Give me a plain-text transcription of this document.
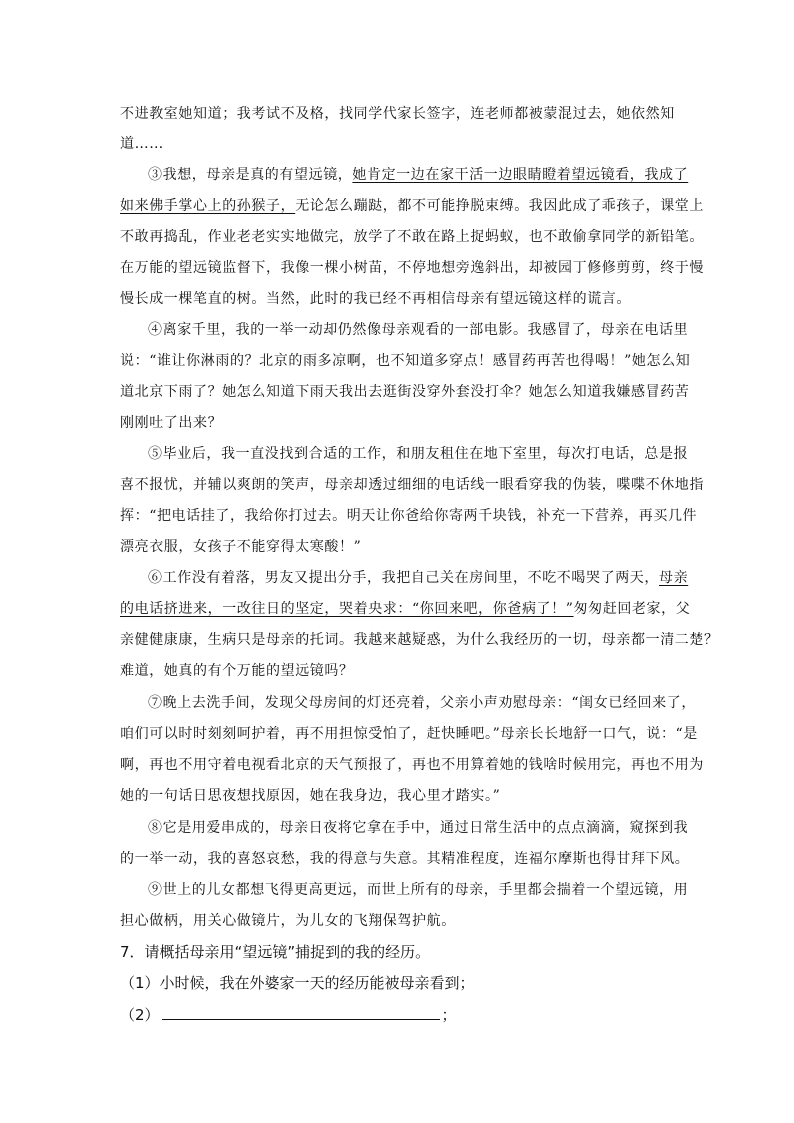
不进教室她知道；我考试不及格，找同学代家长签字，连老师都被蒙混过去，她依然知
道……
③我想，母亲是真的有望远镜，她肯定一边在家干活一边眼睛瞪着望远镜看，我成了
如来佛手掌心上的孙猴子，无论怎么蹦跶，都不可能挣脱束缚。我因此成了乖孩子，课堂上
不敢再捣乱，作业老老实实地做完，放学了不敢在路上捉蚂蚁，也不敢偷拿同学的新铅笔。
在万能的望远镜监督下，我像一棵小树苗，不停地想旁逸斜出，却被园丁修修剪剪，终于慢
慢长成一棵笔直的树。当然，此时的我已经不再相信母亲有望远镜这样的谎言。
④离家千里，我的一举一动却仍然像母亲观看的一部电影。我感冒了，母亲在电话里
说：“谁让你淋雨的？北京的雨多凉啊，也不知道多穿点！感冒药再苦也得喝！”她怎么知
道北京下雨了？她怎么知道下雨天我出去逛街没穿外套没打伞？她怎么知道我嫌感冒药苦
刚刚吐了出来？
⑤毕业后，我一直没找到合适的工作，和朋友租住在地下室里，每次打电话，总是报
喜不报忧，并辅以爽朗的笑声，母亲却透过细细的电话线一眼看穿我的伪装，喋喋不休地指
挥：“把电话挂了，我给你打过去。明天让你爸给你寄两千块钱，补充一下营养，再买几件
漂亮衣服，女孩子不能穿得太寒酸！”
⑥工作没有着落，男友又提出分手，我把自己关在房间里，不吃不喝哭了两天，母亲
的电话挤进来，一改往日的坚定，哭着央求：“你回来吧，你爸病了！”匆匆赶回老家，父
亲健健康康，生病只是母亲的托词。我越来越疑惑，为什么我经历的一切，母亲都一清二楚？
难道，她真的有个万能的望远镜吗？
⑦晚上去洗手间，发现父母房间的灯还亮着，父亲小声劝慰母亲：“闺女已经回来了，
咱们可以时时刻刻呵护着，再不用担惊受怕了，赶快睡吧。”母亲长长地舒一口气，说：“是
啊，再也不用守着电视看北京的天气预报了，再也不用算着她的钱啥时候用完，再也不用为
她的一句话日思夜想找原因，她在我身边，我心里才踏实。”
⑧它是用爱串成的，母亲日夜将它拿在手中，通过日常生活中的点点滴滴，窥探到我
的一举一动，我的喜怒哀愁，我的得意与失意。其精准程度，连福尔摩斯也得甘拜下风。
⑨世上的儿女都想飞得更高更远，而世上所有的母亲，手里都会揣着一个望远镜，用
担心做柄，用关心做镜片，为儿女的飞翔保驾护航。
7．请概括母亲用“望远镜”捕捉到的我的经历。
（1）小时候，我在外婆家一天的经历能被母亲看到；
（2）	；
